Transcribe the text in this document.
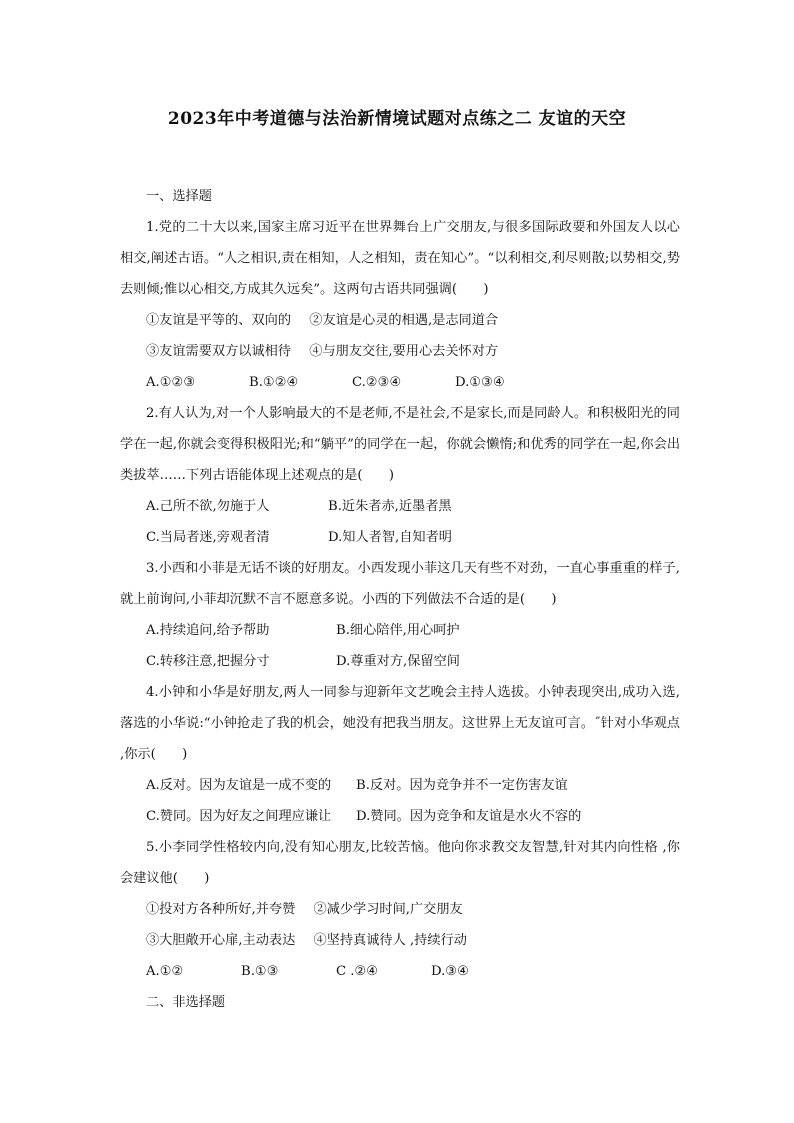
2023年中考道德与法治新情境试题对点练之二 友谊的天空

一、选择题

1.党的二十大以来,国家主席习近平在世界舞台上广交朋友,与很多国际政要和外国友人以心相交,阐述古语。“人之相识,责在相知，人之相知，责在知心”。“以利相交,利尽则散;以势相交,势去则倾;惟以心相交,方成其久远矣”。这两句古语共同强调(　　)

①友谊是平等的、双向的 ②友谊是心灵的相遇,是志同道合

③友谊需要双方以诚相待 ④与朋友交往,要用心去关怀对方

A.①②③	B.①②④	C.②③④	D.①③④

2.有人认为,对一个人影响最大的不是老师,不是社会,不是家长,而是同龄人。和积极阳光的同学在一起,你就会变得积极阳光;和“躺平”的同学在一起，你就会懒惰;和优秀的同学在一起,你会出类拔萃……下列古语能体现上述观点的是(　　)

A.己所不欲,勿施于人	B.近朱者赤,近墨者黑

C.当局者迷,旁观者清	D.知人者智,自知者明

3.小西和小菲是无话不谈的好朋友。小西发现小菲这几天有些不对劲，一直心事重重的样子,就上前询问,小菲却沉默不言不愿意多说。小西的下列做法不合适的是(　　)

A.持续追问,给予帮助	B.细心陪伴,用心呵护

C.转移注意,把握分寸	D.尊重对方,保留空间

4.小钟和小华是好朋友,两人一同参与迎新年文艺晚会主持人选拔。小钟表现突出,成功入选,落选的小华说:“小钟抢走了我的机会，她没有把我当朋友。这世界上无友谊可言。˝针对小华观点 ,你示(　　)

A.反对。因为友谊是一成不变的 B.反对。因为竞争并不一定伤害友谊

C.赞同。因为好友之间理应谦让 D.赞同。因为竞争和友谊是水火不容的

5.小李同学性格较内向,没有知心朋友,比较苦恼。他向你求教交友智慧,针对其内向性格 ,你会建议他(　　)

①投对方各种所好,并夸赞 ②减少学习时间,广交朋友

③大胆敞开心扉,主动表达 ④坚持真诚待人 ,持续行动

A.①②	B.①③	C .②④	D.③④

二、非选择题
